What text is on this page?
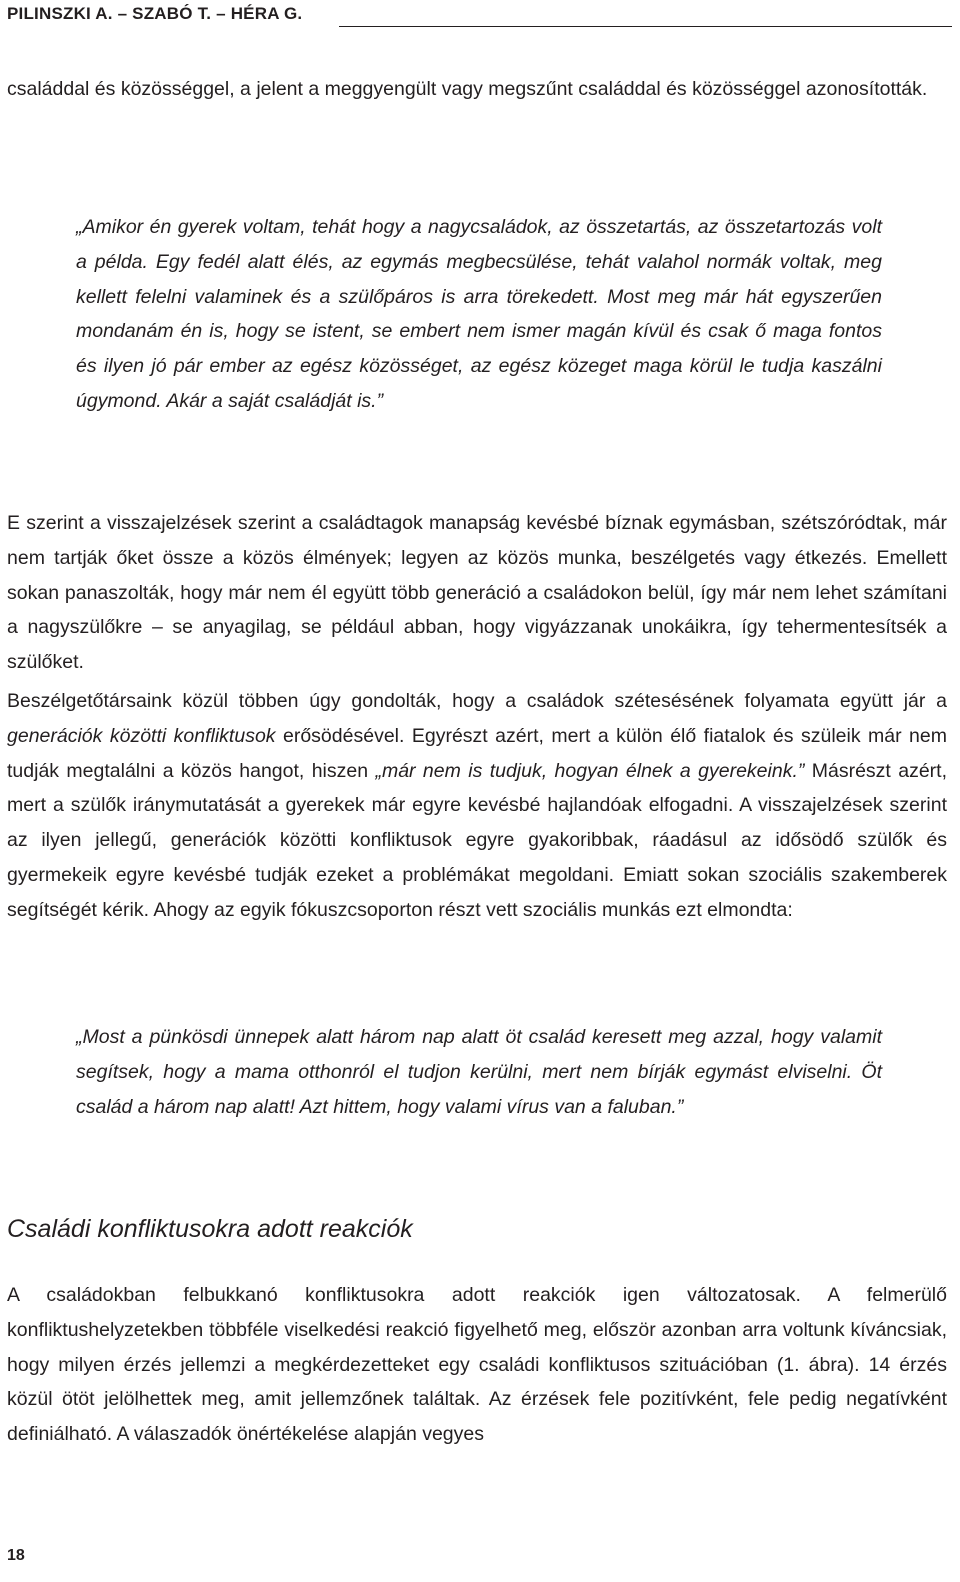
PILINSZKI A. – SZABÓ T. – HÉRA G.

családdal és közösséggel, a jelent a meggyengült vagy megszűnt családdal és közösséggel azonosították.

„Amikor én gyerek voltam, tehát hogy a nagycsaládok, az összetartás, az összetartozás volt a példa. Egy fedél alatt élés, az egymás megbecsülése, tehát valahol normák voltak, meg kellett felelni valaminek és a szülőpáros is arra törekedett. Most meg már hát egyszerűen mondanám én is, hogy se istent, se embert nem ismer magán kívül és csak ő maga fontos és ilyen jó pár ember az egész közösséget, az egész közeget maga körül le tudja kaszálni úgymond. Akár a saját családját is.”

E szerint a visszajelzések szerint a családtagok manapság kevésbé bíznak egymásban, szétszóródtak, már nem tartják őket össze a közös élmények; legyen az közös munka, beszélgetés vagy étkezés. Emellett sokan panaszolták, hogy már nem él együtt több generáció a családokon belül, így már nem lehet számítani a nagyszülőkre – se anyagilag, se például abban, hogy vigyázzanak unokáikra, így tehermentesítsék a szülőket.

Beszélgetőtársaink közül többen úgy gondolták, hogy a családok szétesésének folyamata együtt jár a generációk közötti konfliktusok erősödésével. Egyrészt azért, mert a külön élő fiatalok és szüleik már nem tudják megtalálni a közös hangot, hiszen „már nem is tudjuk, hogyan élnek a gyerekeink.” Másrészt azért, mert a szülők iránymutatását a gyerekek már egyre kevésbé hajlandóak elfogadni. A visszajelzések szerint az ilyen jellegű, generációk közötti konfliktusok egyre gyakoribbak, ráadásul az idősödő szülők és gyermekeik egyre kevésbé tudják ezeket a problémákat megoldani. Emiatt sokan szociális szakemberek segítségét kérik. Ahogy az egyik fókuszcsoporton részt vett szociális munkás ezt elmondta:

„Most a pünkösdi ünnepek alatt három nap alatt öt család keresett meg azzal, hogy valamit segítsek, hogy a mama otthonról el tudjon kerülni, mert nem bírják egymást elviselni. Öt család a három nap alatt! Azt hittem, hogy valami vírus van a faluban.”

Családi konfliktusokra adott reakciók

A családokban felbukkanó konfliktusokra adott reakciók igen változatosak. A felmerülő konfliktushelyzetekben többféle viselkedési reakció figyelhető meg, először azonban arra voltunk kíváncsiak, hogy milyen érzés jellemzi a megkérdezetteket egy családi konfliktusos szituációban (1. ábra). 14 érzés közül ötöt jelölhettek meg, amit jellemzőnek találtak. Az érzések fele pozitívként, fele pedig negatívként definiálható. A válaszadók önértékelése alapján vegyes

18
